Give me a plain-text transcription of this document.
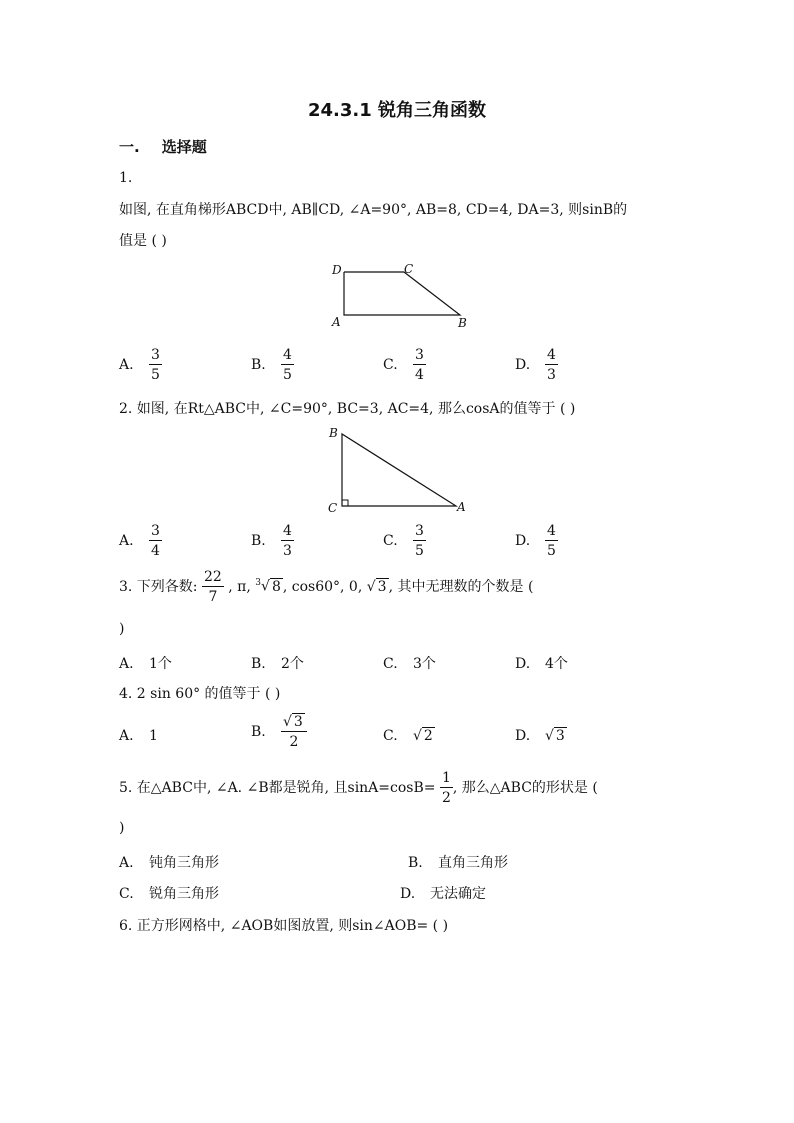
24.3.1 锐角三角函数
一. 选择题
1.
如图, 在直角梯形ABCD中, AB∥CD, ∠A=90°, AB=8, CD=4, DA=3, 则sinB的
值是 ( )
D	C
A	B
A. $\frac{3}{5}$	B. $\frac{4}{5}$	C. $\frac{3}{4}$	D. $\frac{4}{3}$
2. 如图, 在Rt△ABC中, ∠C=90°, BC=3, AC=4, 那么cosA的值等于 ( )
B
C	A
A. $\frac{3}{4}$	B. $\frac{4}{3}$	C. $\frac{3}{5}$	D. $\frac{4}{5}$
3. 下列各数: $\frac{22}{7}$ , π, $^3$√ 8 , cos60°, 0, √ 3 , 其中无理数的个数是 (
)
A. 1个	B. 2个	C. 3个	D. 4个
4. 2 sin 60° 的值等于 ( )
A. 1	B. $\frac{√ 3}{2}$	C. √ 2	D. √ 3
5. 在△ABC中, ∠A. ∠B都是锐角, 且$\sin A=\cos B= \frac{1}{2}$ , 那么△ABC的形状是 (
)
A. 钝角三角形	B. 直角三角形
C. 锐角三角形	D. 无法确定
6. 正方形网格中, ∠AOB如图放置, 则sin∠AOB= ( )
